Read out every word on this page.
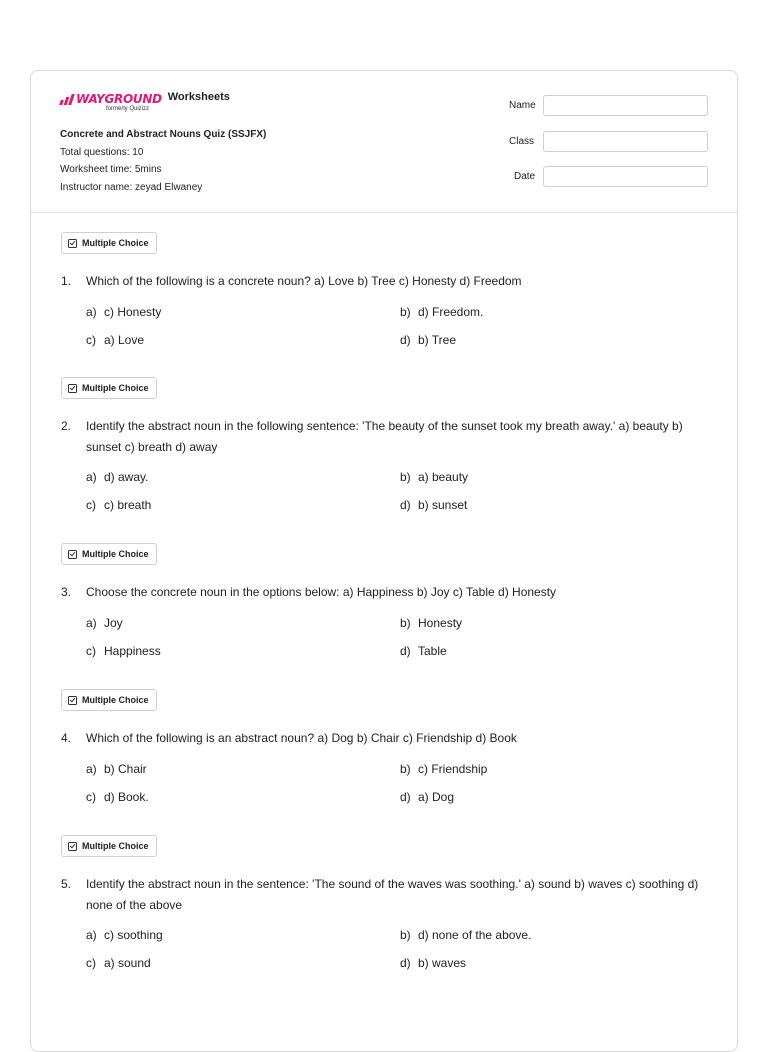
WAYGROUND Worksheets
formerly Quizizz
Concrete and Abstract Nouns Quiz (SSJFX)
Total questions: 10
Worksheet time: 5mins
Instructor name: zeyad Elwaney
Name
Class
Date
Multiple Choice
1. Which of the following is a concrete noun? a) Love b) Tree c) Honesty d) Freedom
a) c) Honesty	b) d) Freedom.
c) a) Love	d) b) Tree
Multiple Choice
2. Identify the abstract noun in the following sentence: 'The beauty of the sunset took my breath away.' a) beauty b) sunset c) breath d) away
a) d) away.	b) a) beauty
c) c) breath	d) b) sunset
Multiple Choice
3. Choose the concrete noun in the options below: a) Happiness b) Joy c) Table d) Honesty
a) Joy	b) Honesty
c) Happiness	d) Table
Multiple Choice
4. Which of the following is an abstract noun? a) Dog b) Chair c) Friendship d) Book
a) b) Chair	b) c) Friendship
c) d) Book.	d) a) Dog
Multiple Choice
5. Identify the abstract noun in the sentence: 'The sound of the waves was soothing.' a) sound b) waves c) soothing d) none of the above
a) c) soothing	b) d) none of the above.
c) a) sound	d) b) waves
